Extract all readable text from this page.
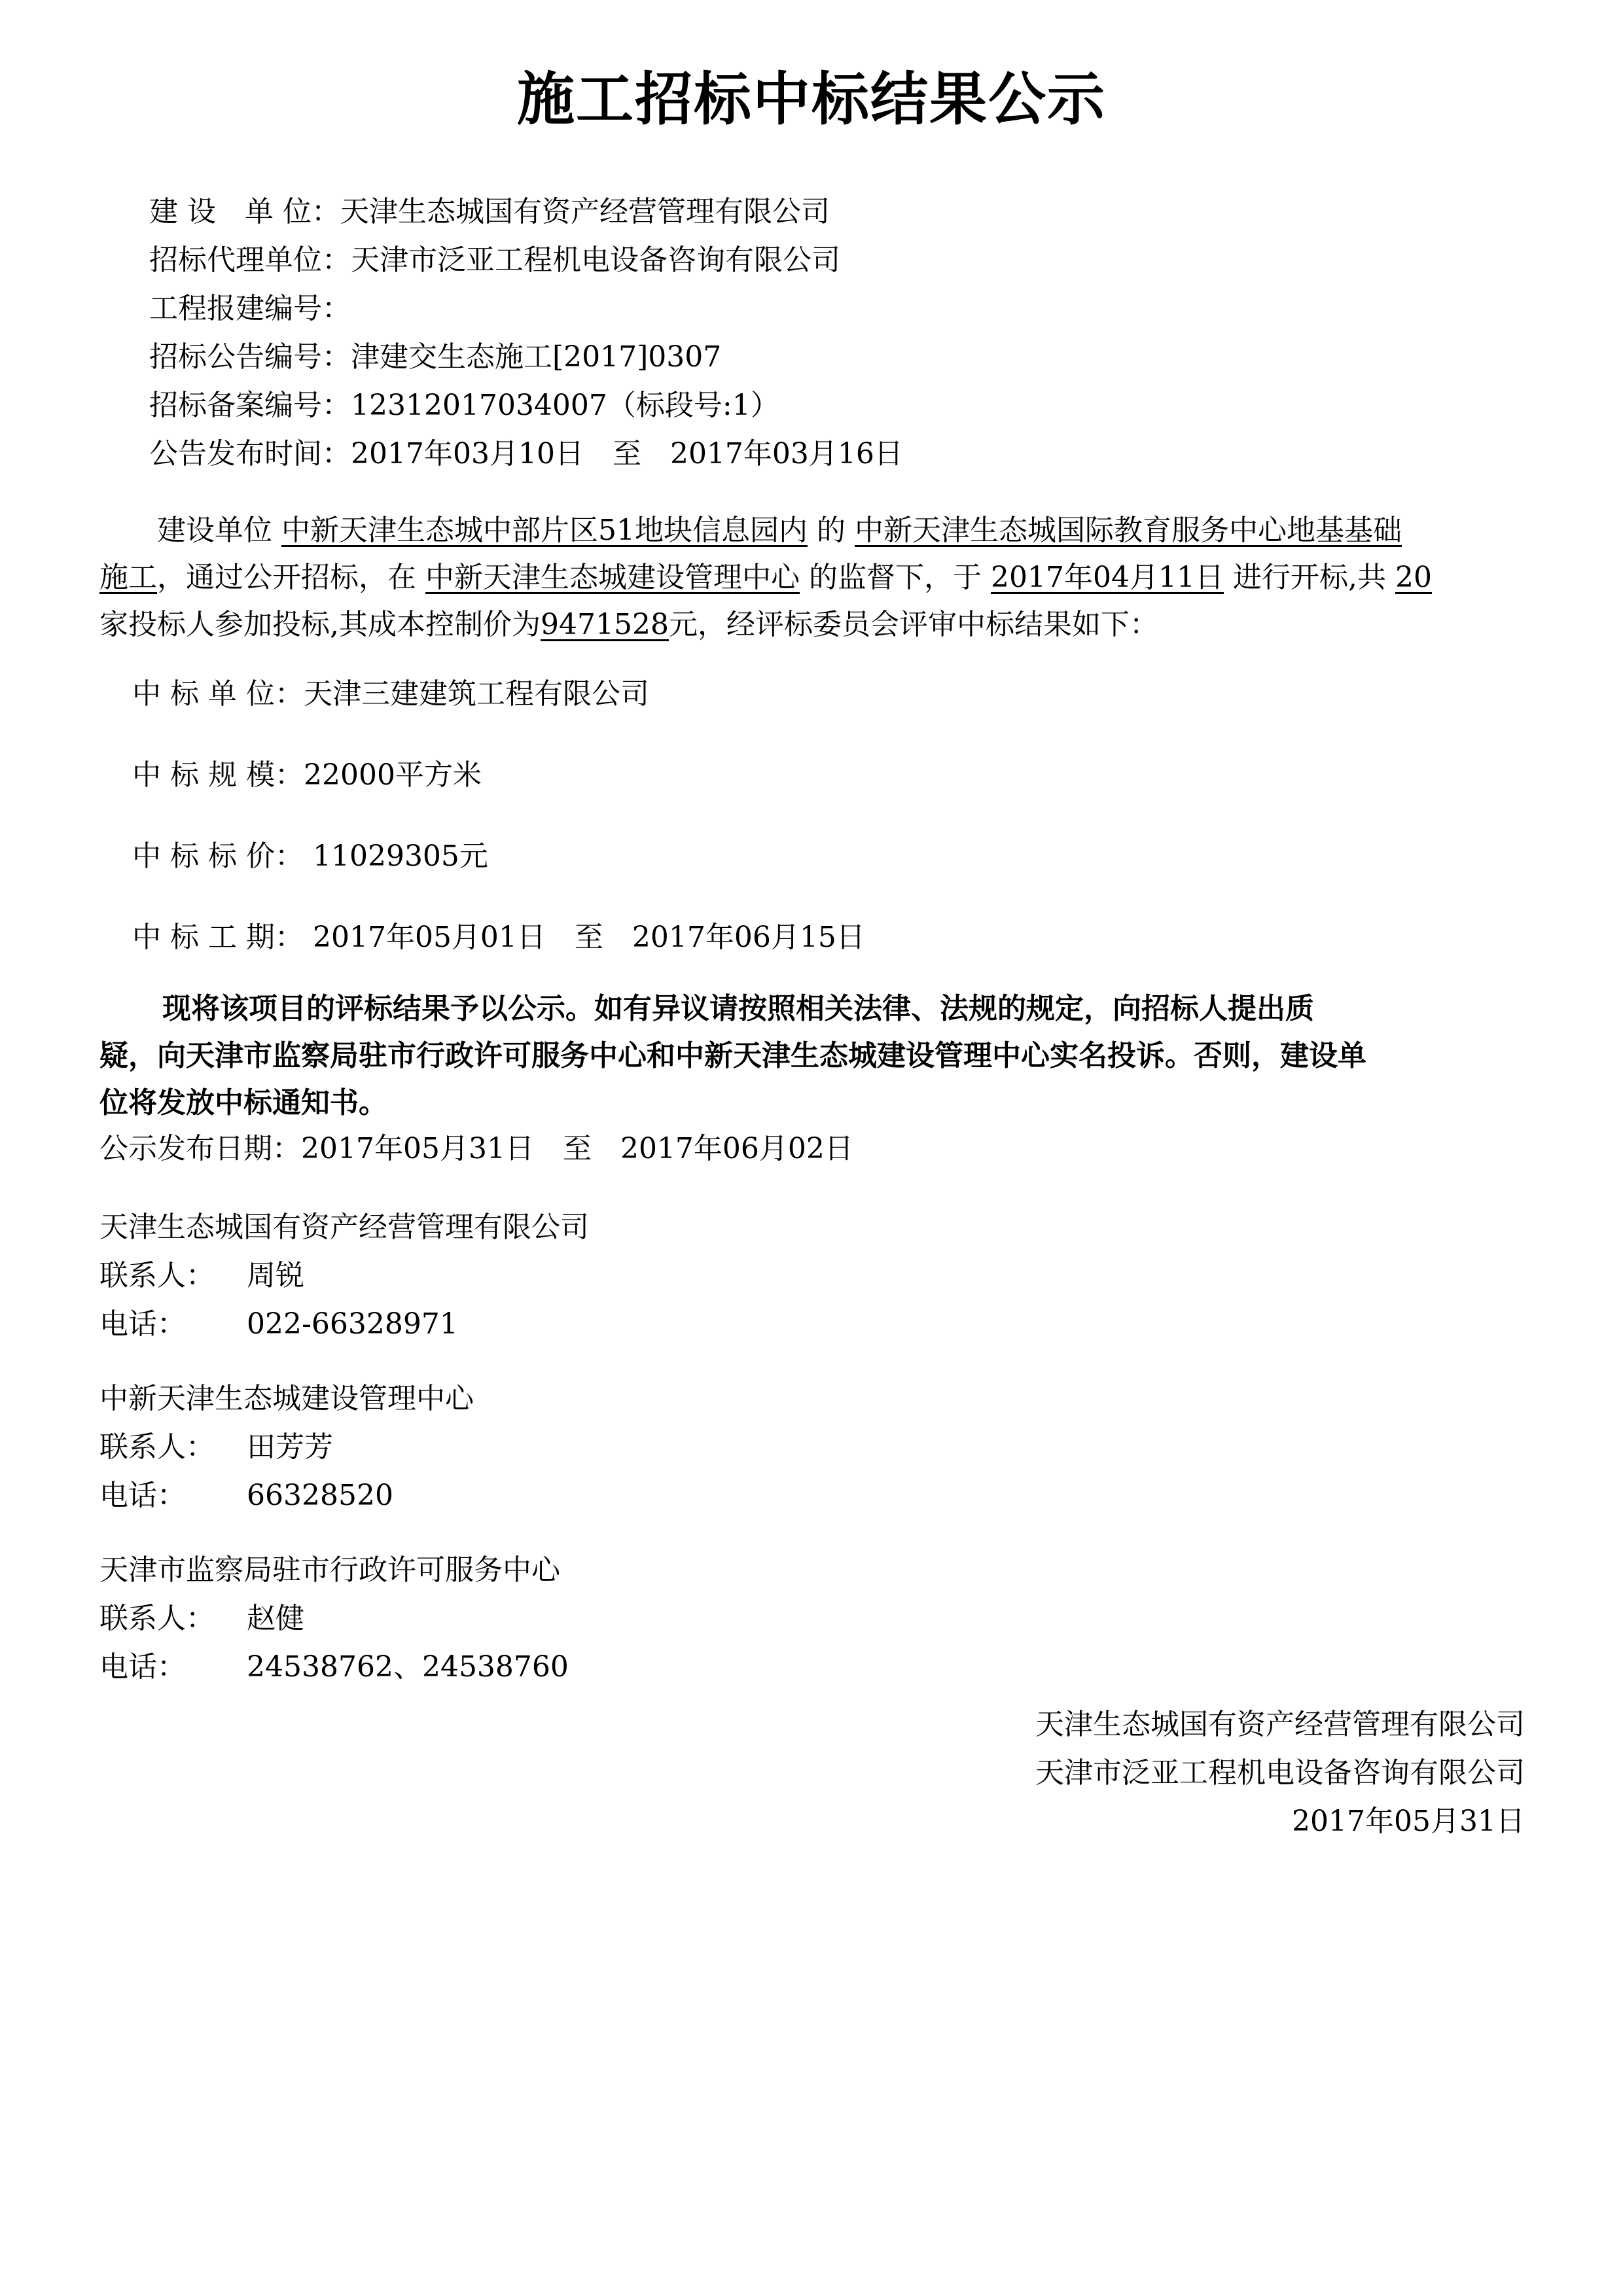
施工招标中标结果公示
建 设　单 位：天津生态城国有资产经营管理有限公司
招标代理单位：天津市泛亚工程机电设备咨询有限公司
工程报建编号：
招标公告编号：津建交生态施工[2017]0307
招标备案编号：12312017034007（标段号:1）
公告发布时间：2017年03月10日　至　2017年03月16日
建设单位 中新天津生态城中部片区51地块信息园内 的 中新天津生态城国际教育服务中心地基基础
施工，通过公开招标，在 中新天津生态城建设管理中心 的监督下，于 2017年04月11日 进行开标,共 20
家投标人参加投标,其成本控制价为9471528元，经评标委员会评审中标结果如下：
中 标 单 位：天津三建建筑工程有限公司
中 标 规 模：22000平方米
中 标 标 价： 11029305元
中 标 工 期： 2017年05月01日　至　2017年06月15日
现将该项目的评标结果予以公示。如有异议请按照相关法律、法规的规定，向招标人提出质
疑，向天津市监察局驻市行政许可服务中心和中新天津生态城建设管理中心实名投诉。否则，建设单
位将发放中标通知书。
公示发布日期：2017年05月31日　至　2017年06月02日
天津生态城国有资产经营管理有限公司
联系人： 周锐
电话： 022-66328971
中新天津生态城建设管理中心
联系人： 田芳芳
电话： 66328520
天津市监察局驻市行政许可服务中心
联系人： 赵健
电话： 24538762、24538760
天津生态城国有资产经营管理有限公司
天津市泛亚工程机电设备咨询有限公司
2017年05月31日
